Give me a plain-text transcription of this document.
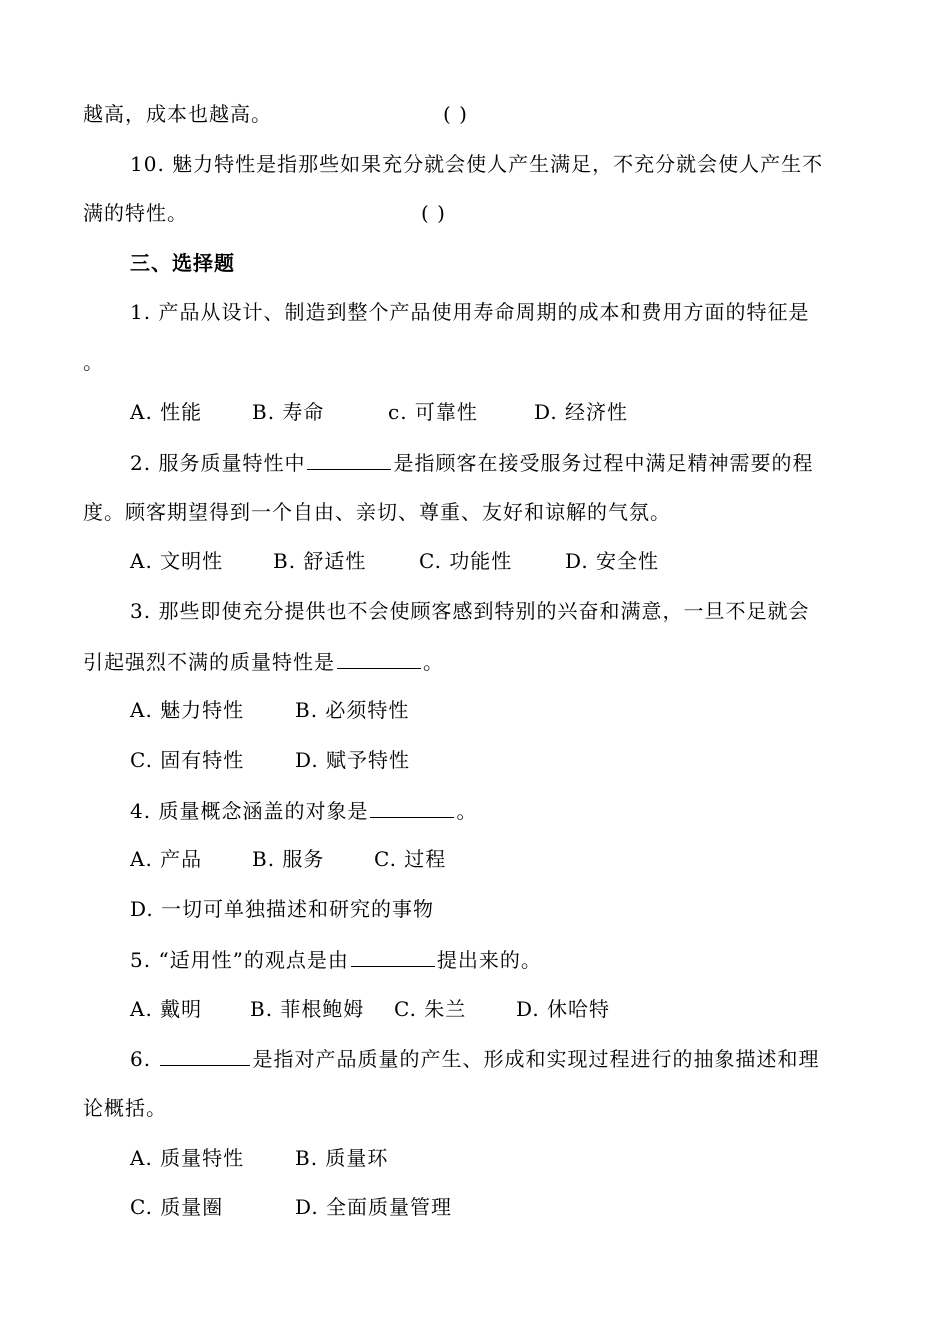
越高，成本也越高。	( )
10. 魅力特性是指那些如果充分就会使人产生满足，不充分就会使人产生不
满的特性。	( )
三、选择题
1. 产品从设计、制造到整个产品使用寿命周期的成本和费用方面的特征是
。
A. 性能 B. 寿命	c. 可靠性	D. 经济性
2. 服务质量特性中	是指顾客在接受服务过程中满足精神需要的程
度。顾客期望得到一个自由、亲切、尊重、友好和谅解的气氛。
A. 文明性 B. 舒适性	C. 功能性	D. 安全性
3. 那些即使充分提供也不会使顾客感到特别的兴奋和满意，一旦不足就会
引起强烈不满的质量特性是	。
A. 魅力特性	B. 必须特性
C. 固有特性	D. 赋予特性
4. 质量概念涵盖的对象是	。
A. 产品 B. 服务 C. 过程
D. 一切可单独描述和研究的事物
5. “适用性”的观点是由	提出来的。
A. 戴明 B. 菲根鲍姆 C. 朱兰 D. 休哈特
6.	是指对产品质量的产生、形成和实现过程进行的抽象描述和理
论概括。
A. 质量特性	B. 质量环
C. 质量圈	D. 全面质量管理
